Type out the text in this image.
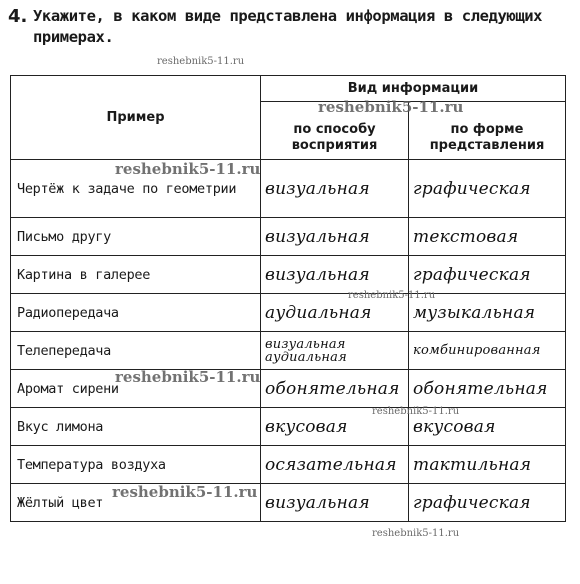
4. Укажите, в каком виде представлена информация в следующих примерах.
reshebnik5-11.ru
Пример	Вид информации	
	по способу восприятия	по форме представления
Чертёж к задаче по геометрии	визуальная	графическая
Письмо другу	визуальная	текстовая
Картина в галерее	визуальная	графическая
Радиопередача	аудиальная	музыкальная
Телепередача	визуальная аудиальная	комбинированная
Аромат сирени	обонятельная	обонятельная
Вкус лимона	вкусовая	вкусовая
Температура воздуха	осязательная	тактильная
Жёлтый цвет	визуальная	графическая
reshebnik5-11.ru
reshebnik5-11.ru
reshebnik5-11.ru
reshebnik5-11.ru
reshebnik5-11.ru
reshebnik5-11.ru
reshebnik5-11.ru
